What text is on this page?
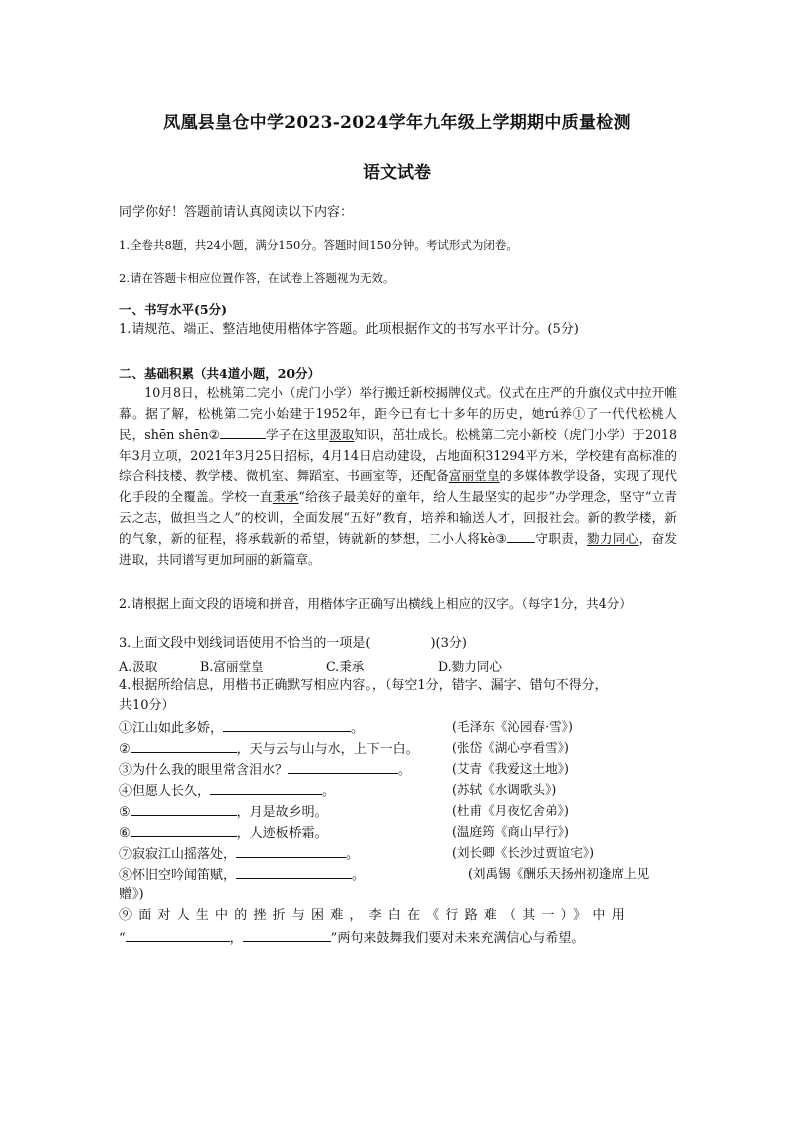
凤凰县皇仓中学2023-2024学年九年级上学期期中质量检测
语文试卷
同学你好！答题前请认真阅读以下内容：
1.全卷共8题，共24小题，满分150分。答题时间150分钟。考试形式为闭卷。
2.请在答题卡相应位置作答，在试卷上答题视为无效。
一、书写水平(5分)
1.请规范、端正、整洁地使用楷体字答题。此项根据作文的书写水平计分。(5分)
二、基础积累（共4道小题，20分）
10月8日，松桃第二完小（虎门小学）举行搬迁新校揭牌仪式。仪式在庄严的升旗仪式中拉开帷幕。据了解，松桃第二完小始建于1952年，距今已有七十多年的历史，她rú养①了一代代松桃人民，shēn shēn②	学子在这里汲取知识，茁壮成长。松桃第二完小新校（虎门小学）于2018年3月立项，2021年3月25日招标，4月14日启动建设，占地面积31294平方米，学校建有高标准的综合科技楼、教学楼、微机室、舞蹈室、书画室等，还配备富丽堂皇的多媒体教学设备，实现了现代化手段的全覆盖。学校一直秉承“给孩子最美好的童年，给人生最坚实的起步”办学理念，坚守“立青云之志，做担当之人”的校训，全面发展“五好”教育，培养和输送人才，回报社会。新的教学楼，新的气象，新的征程，将承载新的希望，铸就新的梦想，二小人将kè③ 守职责，勠力同心，奋发进取，共同谱写更加珂丽的新篇章。
2.请根据上面文段的语境和拼音，用楷体字正确写出横线上相应的汉字。（每字1分，共4分）
3.上面文段中划线词语使用不恰当的一项是(	)(3分)
A.汲取	B.富丽堂皇	C.秉承	D.勠力同心
4.根据所给信息，用楷书正确默写相应内容。，（每空1分，错字、漏字、错句不得分，
共10分）
①江山如此多娇，	。	(毛泽东《沁园春·雪》)
②	，天与云与山与水，上下一白。	(张岱《湖心亭看雪》)
③为什么我的眼里常含泪水？	。	(艾青《我爱这土地》)
④但愿人长久，	。	(苏轼《水调歌头》)
⑤	，月是故乡明。	(杜甫《月夜忆舍弟》)
⑥	，人迹板桥霜。	(温庭筠《商山早行》)
⑦寂寂江山摇落处，	。	(刘长卿《长沙过贾谊宅》)
⑧怀旧空吟闻笛赋，	。	(刘禹锡《酬乐天扬州初逢席上见
赠》)
⑨面对人生中的挫折与困难，李白在《行路难（其一）》中用
“	，	”两句来鼓舞我们要对未来充满信心与希望。
